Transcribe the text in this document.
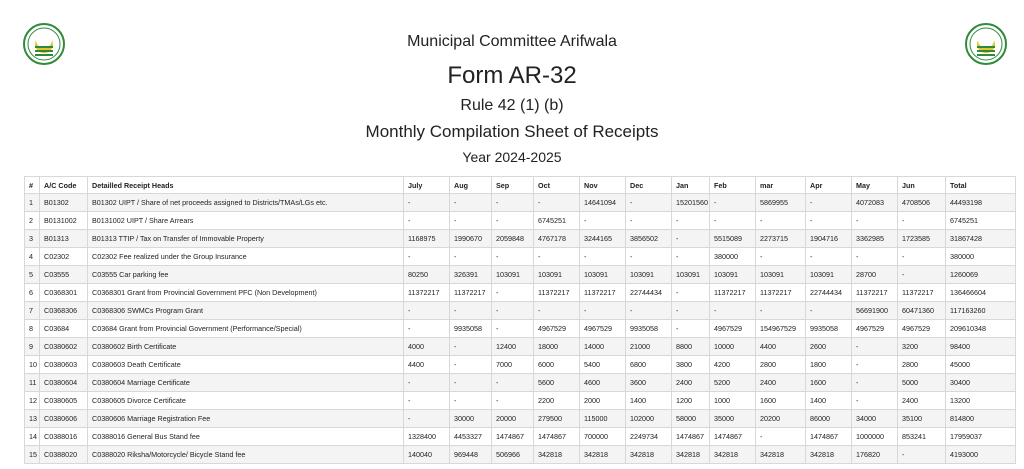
Municipal Committee Arifwala
Form AR-32
Rule 42 (1) (b)
Monthly Compilation Sheet of Receipts
Year 2024-2025
#	A/C Code	Detailled Receipt Heads	July	Aug	Sep	Oct	Nov	Dec	Jan	Feb	mar	Apr	May	Jun	Total
1	B01302	B01302 UIPT / Share of net proceeds assigned to Districts/TMAs/LGs etc.	-	-	-	-	14641094	-	15201560	-	5869955	-	4072083	4708506	44493198
2	B0131002	B0131002 UIPT / Share Arrears	-	-	-	6745251	-	-	-	-	-	-	-	-	6745251
3	B01313	B01313 TTIP / Tax on Transfer of Immovable Property	1168975	1990670	2059848	4767178	3244165	3856502	-	5515089	2273715	1904716	3362985	1723585	31867428
4	C02302	C02302 Fee realized under the Group Insurance	-	-	-	-	-	-	-	380000	-	-	-	-	380000
5	C03555	C03555 Car parking fee	80250	326391	103091	103091	103091	103091	103091	103091	103091	103091	28700	-	1260069
6	C0368301	C0368301 Grant from Provincial Government PFC (Non Development)	11372217	11372217	-	11372217	11372217	22744434	-	11372217	11372217	22744434	11372217	11372217	136466604
7	C0368306	C0368306 SWMCs Program Grant	-	-	-	-	-	-	-	-	-	-	56691900	60471360	117163260
8	C03684	C03684 Grant from Provincial Government (Performance/Special)	-	9935058	-	4967529	4967529	9935058	-	4967529	154967529	9935058	4967529	4967529	209610348
9	C0380602	C0380602 Birth Certificate	4000	-	12400	18000	14000	21000	8800	10000	4400	2600	-	3200	98400
10	C0380603	C0380603 Death Certificate	4400	-	7000	6000	5400	6800	3800	4200	2800	1800	-	2800	45000
11	C0380604	C0380604 Marriage Certificate	-	-	-	5600	4600	3600	2400	5200	2400	1600	-	5000	30400
12	C0380605	C0380605 Divorce Certificate	-	-	-	2200	2000	1400	1200	1000	1600	1400	-	2400	13200
13	C0380606	C0380606 Marriage Registration Fee	-	30000	20000	279500	115000	102000	58000	35000	20200	86000	34000	35100	814800
14	C0388016	C0388016 General Bus Stand fee	1328400	4453327	1474867	1474867	700000	2249734	1474867	1474867	-	1474867	1000000	853241	17959037
15	C0388020	C0388020 Riksha/Motorcycle/ Bicycle Stand fee	140040	969448	506966	342818	342818	342818	342818	342818	342818	342818	176820	-	4193000
